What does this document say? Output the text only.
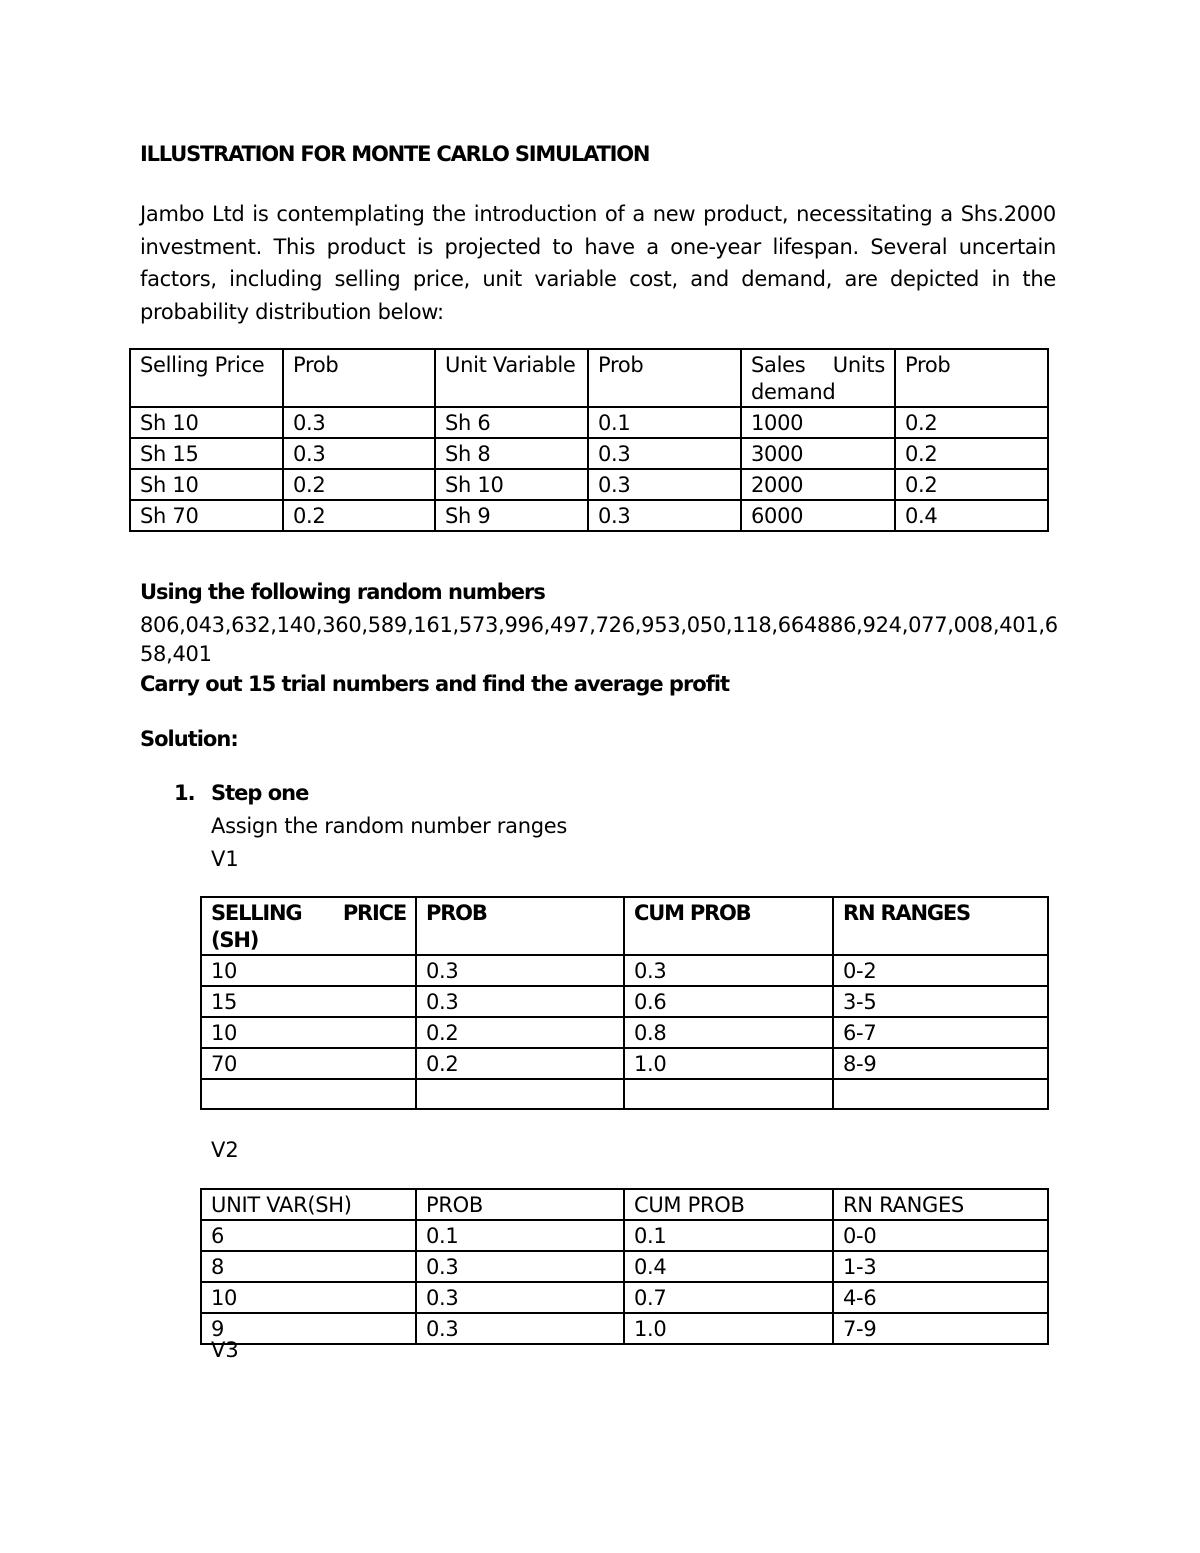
ILLUSTRATION FOR MONTE CARLO SIMULATION
Jambo Ltd is contemplating the introduction of a new product, necessitating a Shs.2000
investment. This product is projected to have a one-year lifespan. Several uncertain
factors, including selling price, unit variable cost, and demand, are depicted in the
probability distribution below:
Selling Price	Prob	Unit Variable	Prob	Sales Units
demand	Prob
Sh 10	0.3	Sh 6	0.1	1000	0.2
Sh 15	0.3	Sh 8	0.3	3000	0.2
Sh 10	0.2	Sh 10	0.3	2000	0.2
Sh 70	0.2	Sh 9	0.3	6000	0.4
Using the following random numbers
806,043,632,140,360,589,161,573,996,497,726,953,050,118,664886,924,077,008,401,658,401
Carry out 15 trial numbers and find the average profit
Solution:
1. Step one
Assign the random number ranges
V1
SELLING PRICE
(SH)	PROB	CUM PROB	RN RANGES
10	0.3	0.3	0-2
15	0.3	0.6	3-5
10	0.2	0.8	6-7
70	0.2	1.0	8-9

V2
UNIT VAR(SH)	PROB	CUM PROB	RN RANGES
6	0.1	0.1	0-0
8	0.3	0.4	1-3
10	0.3	0.7	4-6
9	0.3	1.0	7-9
V3
